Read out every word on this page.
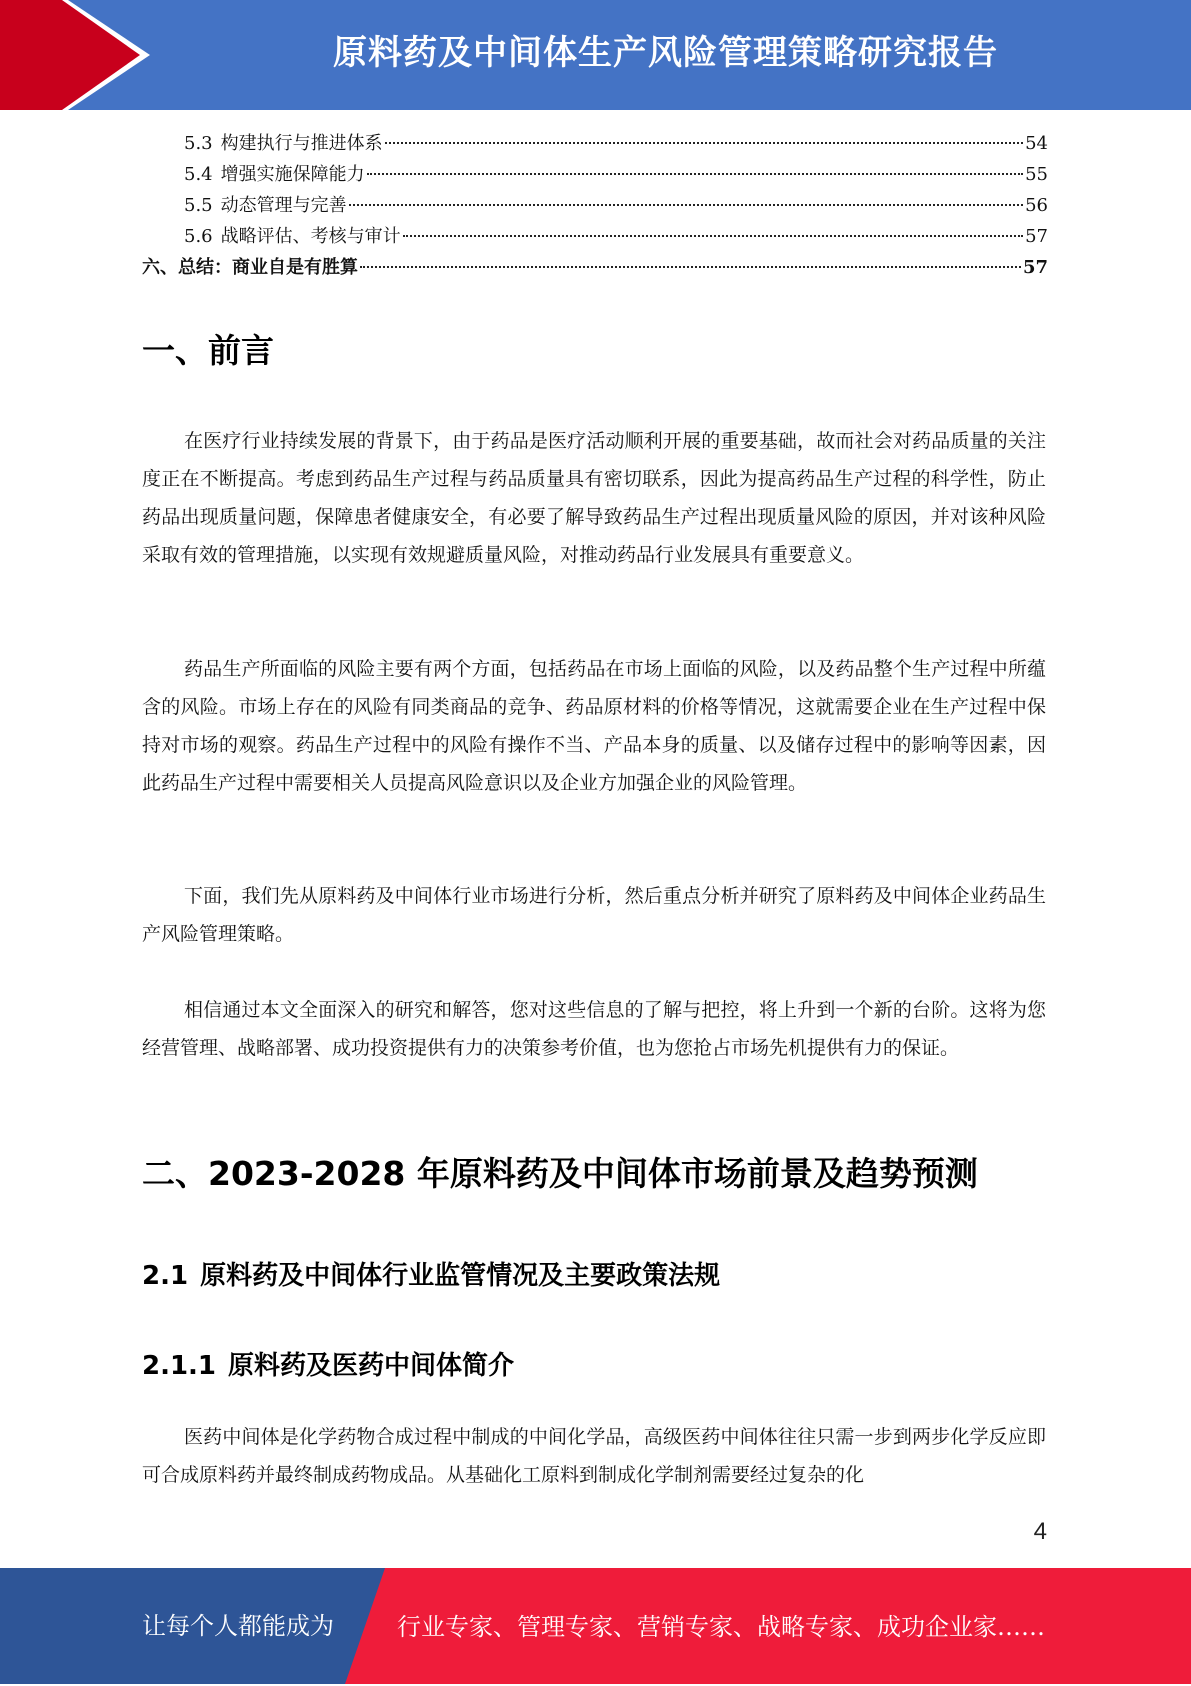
原料药及中间体生产风险管理策略研究报告
5.3 构建执行与推进体系	54
5.4 增强实施保障能力	55
5.5 动态管理与完善	56
5.6 战略评估、考核与审计	57
六、总结：商业自是有胜算	57
一、前言

在医疗行业持续发展的背景下，由于药品是医疗活动顺利开展的重要基础，故而社会对药品质量的关注度正在不断提高。考虑到药品生产过程与药品质量具有密切联系，因此为提高药品生产过程的科学性，防止药品出现质量问题，保障患者健康安全，有必要了解导致药品生产过程出现质量风险的原因，并对该种风险采取有效的管理措施，以实现有效规避质量风险，对推动药品行业发展具有重要意义。

药品生产所面临的风险主要有两个方面，包括药品在市场上面临的风险，以及药品整个生产过程中所蕴含的风险。市场上存在的风险有同类商品的竞争、药品原材料的价格等情况，这就需要企业在生产过程中保持对市场的观察。药品生产过程中的风险有操作不当、产品本身的质量、以及储存过程中的影响等因素，因此药品生产过程中需要相关人员提高风险意识以及企业方加强企业的风险管理。

下面，我们先从原料药及中间体行业市场进行分析，然后重点分析并研究了原料药及中间体企业药品生产风险管理策略。

相信通过本文全面深入的研究和解答，您对这些信息的了解与把控，将上升到一个新的台阶。这将为您经营管理、战略部署、成功投资提供有力的决策参考价值，也为您抢占市场先机提供有力的保证。

二、2023-2028 年原料药及中间体市场前景及趋势预测
2.1 原料药及中间体行业监管情况及主要政策法规
2.1.1 原料药及医药中间体简介

医药中间体是化学药物合成过程中制成的中间化学品，高级医药中间体往往只需一步到两步化学反应即可合成原料药并最终制成药物成品。从基础化工原料到制成化学制剂需要经过复杂的化

4
让每个人都能成为	行业专家、管理专家、营销专家、战略专家、成功企业家……
